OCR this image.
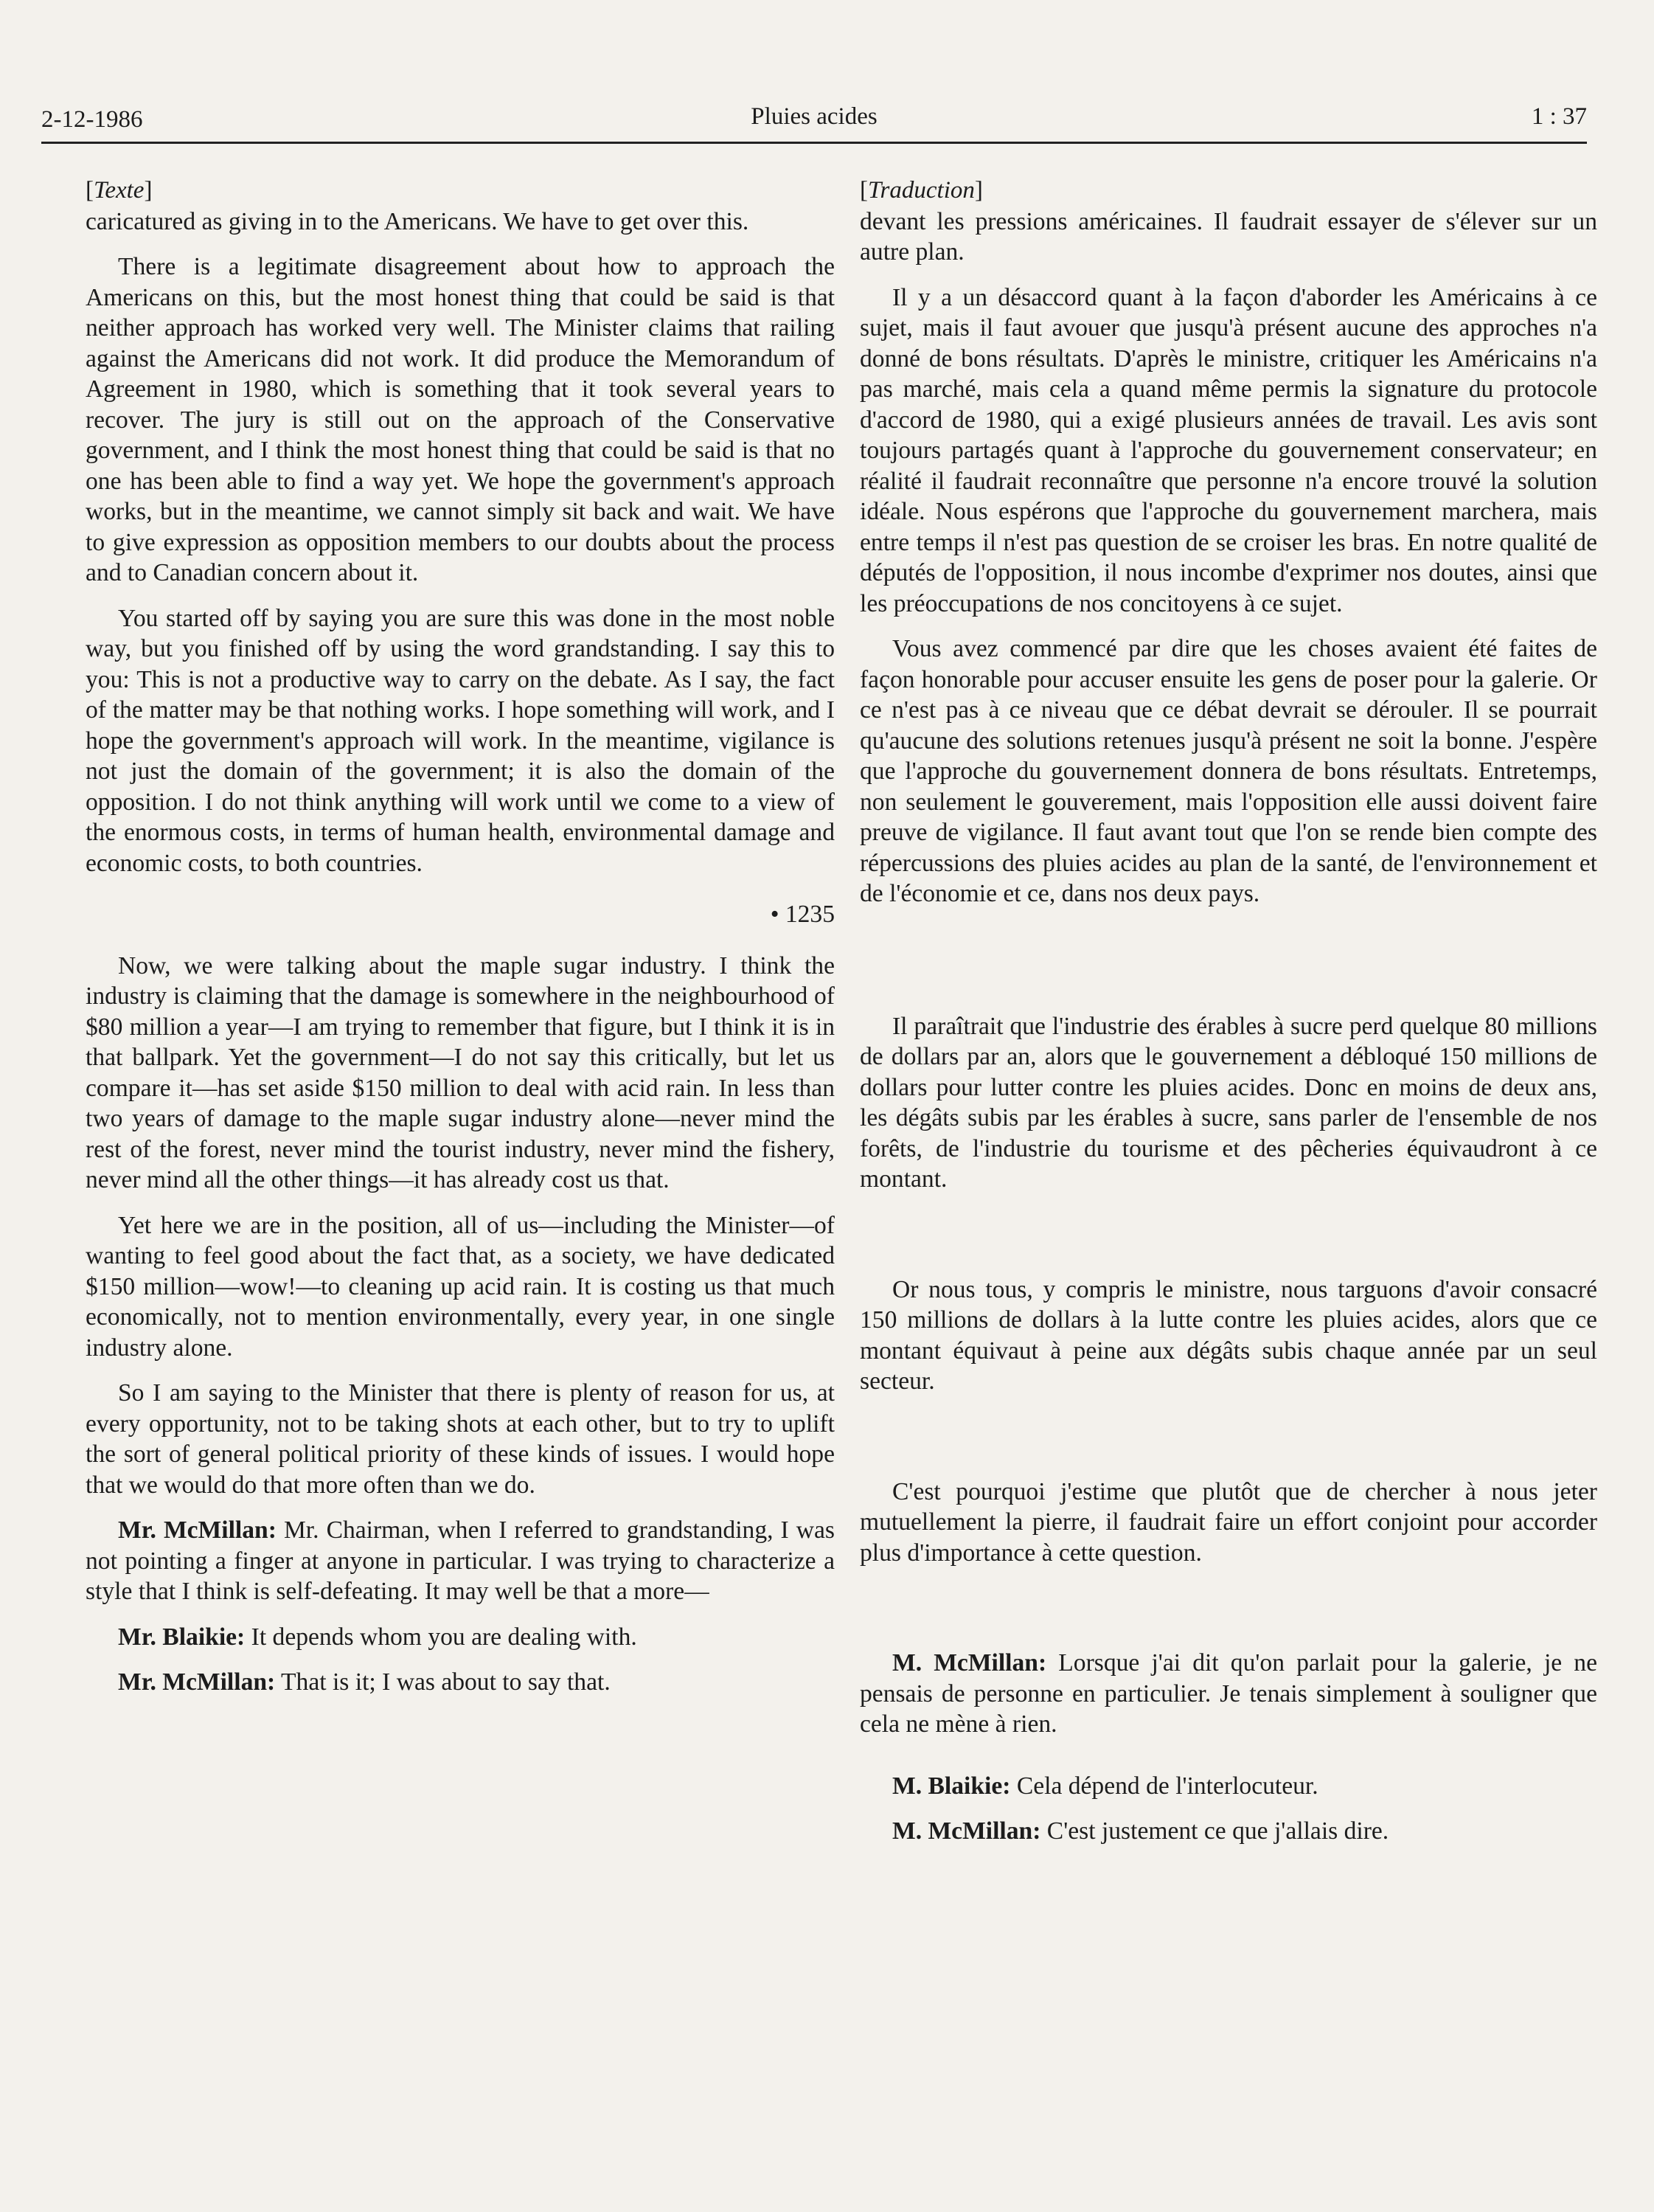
2-12-1986	Pluies acides	1 : 37

[Texte]

caricatured as giving in to the Americans. We have to get over this.

There is a legitimate disagreement about how to approach the Americans on this, but the most honest thing that could be said is that neither approach has worked very well. The Minister claims that railing against the Americans did not work. It did produce the Memorandum of Agreement in 1980, which is something that it took several years to recover. The jury is still out on the approach of the Conservative government, and I think the most honest thing that could be said is that no one has been able to find a way yet. We hope the government's approach works, but in the meantime, we cannot simply sit back and wait. We have to give expression as opposition members to our doubts about the process and to Canadian concern about it.

You started off by saying you are sure this was done in the most noble way, but you finished off by using the word grandstanding. I say this to you: This is not a productive way to carry on the debate. As I say, the fact of the matter may be that nothing works. I hope something will work, and I hope the government's approach will work. In the meantime, vigilance is not just the domain of the government; it is also the domain of the opposition. I do not think anything will work until we come to a view of the enormous costs, in terms of human health, environmental damage and economic costs, to both countries.

• 1235

Now, we were talking about the maple sugar industry. I think the industry is claiming that the damage is somewhere in the neighbourhood of $80 million a year—I am trying to remember that figure, but I think it is in that ballpark. Yet the government—I do not say this critically, but let us compare it—has set aside $150 million to deal with acid rain. In less than two years of damage to the maple sugar industry alone—never mind the rest of the forest, never mind the tourist industry, never mind the fishery, never mind all the other things—it has already cost us that.

Yet here we are in the position, all of us—including the Minister—of wanting to feel good about the fact that, as a society, we have dedicated $150 million—wow!—to cleaning up acid rain. It is costing us that much economically, not to mention environmentally, every year, in one single industry alone.

So I am saying to the Minister that there is plenty of reason for us, at every opportunity, not to be taking shots at each other, but to try to uplift the sort of general political priority of these kinds of issues. I would hope that we would do that more often than we do.

Mr. McMillan: Mr. Chairman, when I referred to grandstanding, I was not pointing a finger at anyone in particular. I was trying to characterize a style that I think is self-defeating. It may well be that a more—

Mr. Blaikie: It depends whom you are dealing with.

Mr. McMillan: That is it; I was about to say that.

[Traduction]

devant les pressions américaines. Il faudrait essayer de s'élever sur un autre plan.

Il y a un désaccord quant à la façon d'aborder les Américains à ce sujet, mais il faut avouer que jusqu'à présent aucune des approches n'a donné de bons résultats. D'après le ministre, critiquer les Américains n'a pas marché, mais cela a quand même permis la signature du protocole d'accord de 1980, qui a exigé plusieurs années de travail. Les avis sont toujours partagés quant à l'approche du gouvernement conservateur; en réalité il faudrait reconnaître que personne n'a encore trouvé la solution idéale. Nous espérons que l'approche du gouvernement marchera, mais entre temps il n'est pas question de se croiser les bras. En notre qualité de députés de l'opposition, il nous incombe d'exprimer nos doutes, ainsi que les préoccupations de nos concitoyens à ce sujet.

Vous avez commencé par dire que les choses avaient été faites de façon honorable pour accuser ensuite les gens de poser pour la galerie. Or ce n'est pas à ce niveau que ce débat devrait se dérouler. Il se pourrait qu'aucune des solutions retenues jusqu'à présent ne soit la bonne. J'espère que l'approche du gouvernement donnera de bons résultats. Entretemps, non seulement le gouverement, mais l'opposition elle aussi doivent faire preuve de vigilance. Il faut avant tout que l'on se rende bien compte des répercussions des pluies acides au plan de la santé, de l'environnement et de l'économie et ce, dans nos deux pays.

Il paraîtrait que l'industrie des érables à sucre perd quelque 80 millions de dollars par an, alors que le gouvernement a débloqué 150 millions de dollars pour lutter contre les pluies acides. Donc en moins de deux ans, les dégâts subis par les érables à sucre, sans parler de l'ensemble de nos forêts, de l'industrie du tourisme et des pêcheries équivaudront à ce montant.

Or nous tous, y compris le ministre, nous targuons d'avoir consacré 150 millions de dollars à la lutte contre les pluies acides, alors que ce montant équivaut à peine aux dégâts subis chaque année par un seul secteur.

C'est pourquoi j'estime que plutôt que de chercher à nous jeter mutuellement la pierre, il faudrait faire un effort conjoint pour accorder plus d'importance à cette question.

M. McMillan: Lorsque j'ai dit qu'on parlait pour la galerie, je ne pensais de personne en particulier. Je tenais simplement à souligner que cela ne mène à rien.

M. Blaikie: Cela dépend de l'interlocuteur.

M. McMillan: C'est justement ce que j'allais dire.
